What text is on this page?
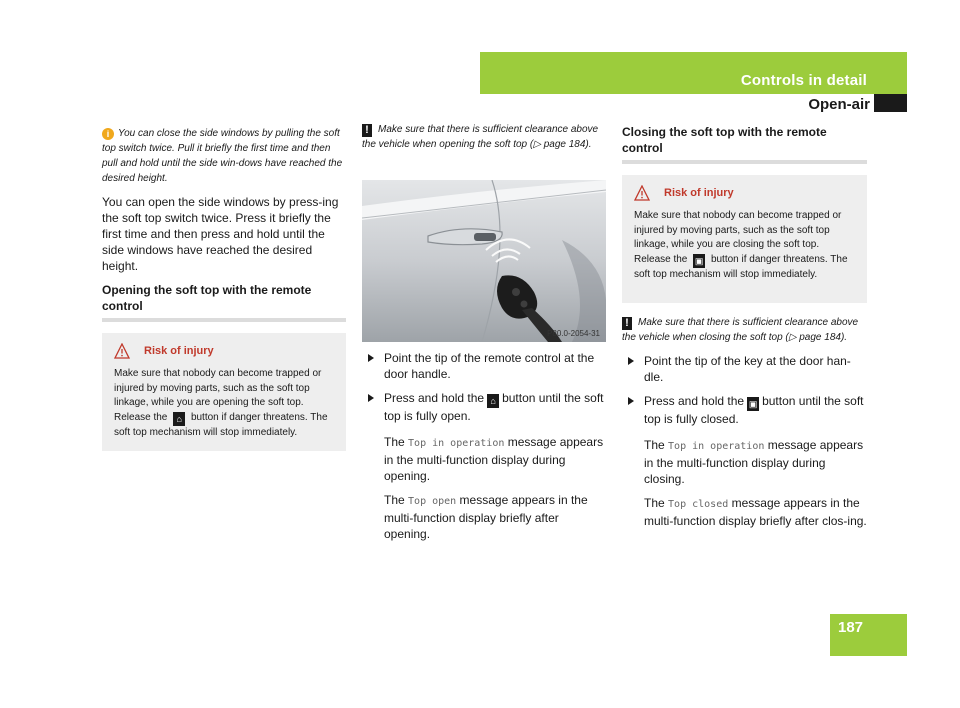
Controls in detail
Open-air
i You can close the side windows by pulling the soft top switch twice. Pull it briefly the first time and then pull and hold until the side win-dows have reached the desired height.
You can open the side windows by press-ing the soft top switch twice. Press it briefly the first time and then press and hold until the side windows have reached the desired height.
Opening the soft top with the remote control
Risk of injury
Make sure that nobody can become trapped or injured by moving parts, such as the soft top linkage, while you are opening the soft top. Release the ⌂ button if danger threatens. The soft top mechanism will stop immediately.
! Make sure that there is sufficient clearance above the vehicle when opening the soft top (▷ page 184).
P80.0-2054-31
Point the tip of the remote control at the door handle.
Press and hold the ⌂ button until the soft top is fully open.
The Top in operation message appears in the multi-function display during opening.
The Top open message appears in the multi-function display briefly after opening.
Closing the soft top with the remote control
Risk of injury
Make sure that nobody can become trapped or injured by moving parts, such as the soft top linkage, while you are closing the soft top. Release the ▣ button if danger threatens. The soft top mechanism will stop immediately.
! Make sure that there is sufficient clearance above the vehicle when closing the soft top (▷ page 184).
Point the tip of the key at the door han-dle.
Press and hold the ▣ button until the soft top is fully closed.
The Top in operation message appears in the multi-function display during closing.
The Top closed message appears in the multi-function display briefly after clos-ing.
187
